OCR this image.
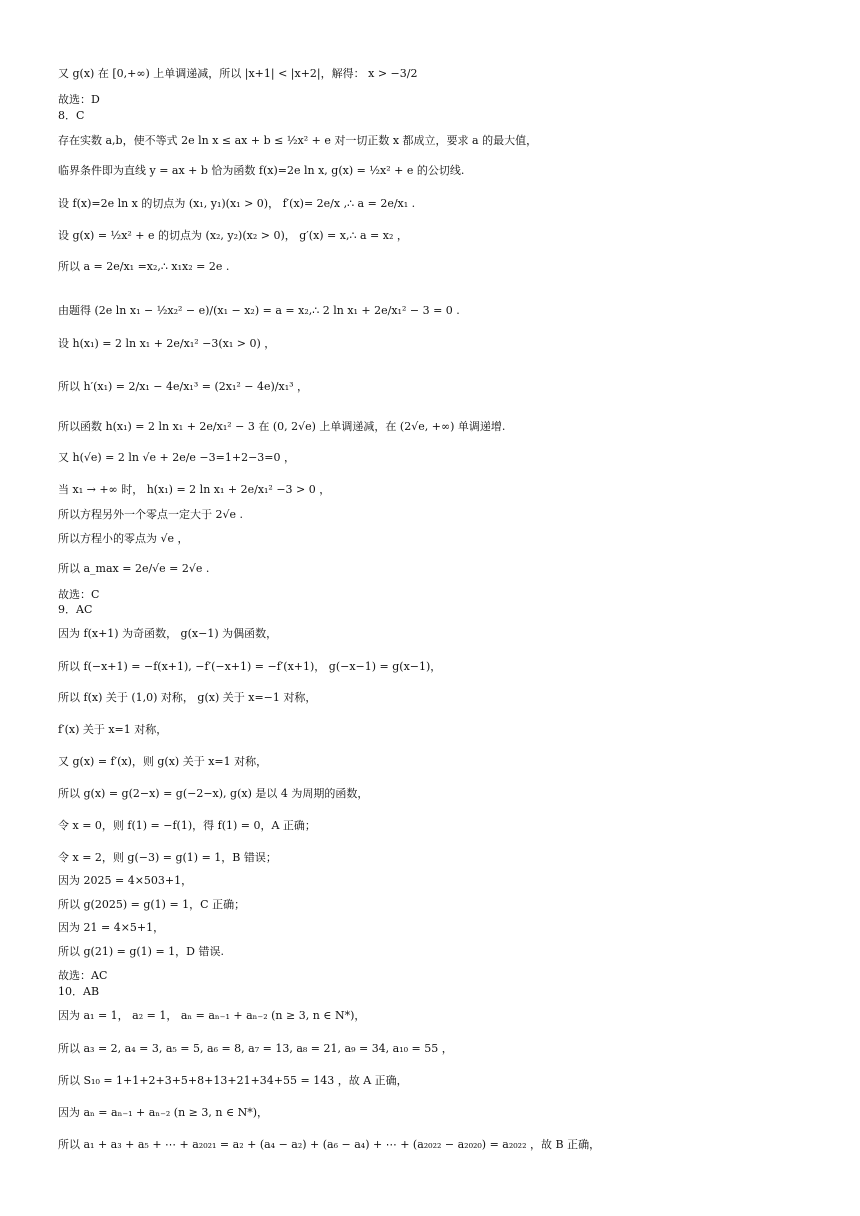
又 g(x) 在 [0,+∞) 上单调递减，所以 |x+1| < |x+2|，解得： x > −3/2
故选：D
8．C
存在实数 a,b，使不等式 2e ln x ≤ ax + b ≤ ½x² + e 对一切正数 x 都成立，要求 a 的最大值，
临界条件即为直线 y = ax + b 恰为函数 f(x)=2e ln x, g(x) = ½x² + e 的公切线.
设 f(x)=2e ln x 的切点为 (x₁, y₁)(x₁ > 0)， f′(x)= 2e/x ,∴ a = 2e/x₁ .
设 g(x) = ½x² + e 的切点为 (x₂, y₂)(x₂ > 0)， g′(x) = x,∴ a = x₂ ，
所以 a = 2e/x₁ =x₂,∴ x₁x₂ = 2e .
由题得 (2e ln x₁ − ½x₂² − e)/(x₁ − x₂) = a = x₂,∴ 2 ln x₁ + 2e/x₁² − 3 = 0 .
设 h(x₁) = 2 ln x₁ + 2e/x₁² −3(x₁ > 0) ，
所以 h′(x₁) = 2/x₁ − 4e/x₁³ = (2x₁² − 4e)/x₁³ ，
所以函数 h(x₁) = 2 ln x₁ + 2e/x₁² − 3 在 (0, 2√e) 上单调递减，在 (2√e, +∞) 单调递增.
又 h(√e) = 2 ln √e + 2e/e −3=1+2−3=0 ，
当 x₁ → +∞ 时， h(x₁) = 2 ln x₁ + 2e/x₁² −3 > 0 ，
所以方程另外一个零点一定大于 2√e .
所以方程小的零点为 √e ，
所以 a_max = 2e/√e = 2√e .
故选：C
9．AC
因为 f(x+1) 为奇函数， g(x−1) 为偶函数，
所以 f(−x+1) = −f(x+1), −f′(−x+1) = −f′(x+1)， g(−x−1) = g(x−1)，
所以 f(x) 关于 (1,0) 对称， g(x) 关于 x=−1 对称，
f′(x) 关于 x=1 对称，
又 g(x) = f′(x)，则 g(x) 关于 x=1 对称，
所以 g(x) = g(2−x) = g(−2−x), g(x) 是以 4 为周期的函数，
令 x = 0，则 f(1) = −f(1)，得 f(1) = 0，A 正确；
令 x = 2，则 g(−3) = g(1) = 1，B 错误；
因为 2025 = 4×503+1，
所以 g(2025) = g(1) = 1，C 正确；
因为 21 = 4×5+1，
所以 g(21) = g(1) = 1，D 错误.
故选：AC
10．AB
因为 a₁ = 1， a₂ = 1， aₙ = aₙ₋₁ + aₙ₋₂ (n ≥ 3, n ∈ N*)，
所以 a₃ = 2, a₄ = 3, a₅ = 5, a₆ = 8, a₇ = 13, a₈ = 21, a₉ = 34, a₁₀ = 55 ，
所以 S₁₀ = 1+1+2+3+5+8+13+21+34+55 = 143 ，故 A 正确，
因为 aₙ = aₙ₋₁ + aₙ₋₂ (n ≥ 3, n ∈ N*)，
所以 a₁ + a₃ + a₅ + ⋯ + a₂₀₂₁ = a₂ + (a₄ − a₂) + (a₆ − a₄) + ⋯ + (a₂₀₂₂ − a₂₀₂₀) = a₂₀₂₂ ，故 B 正确，
